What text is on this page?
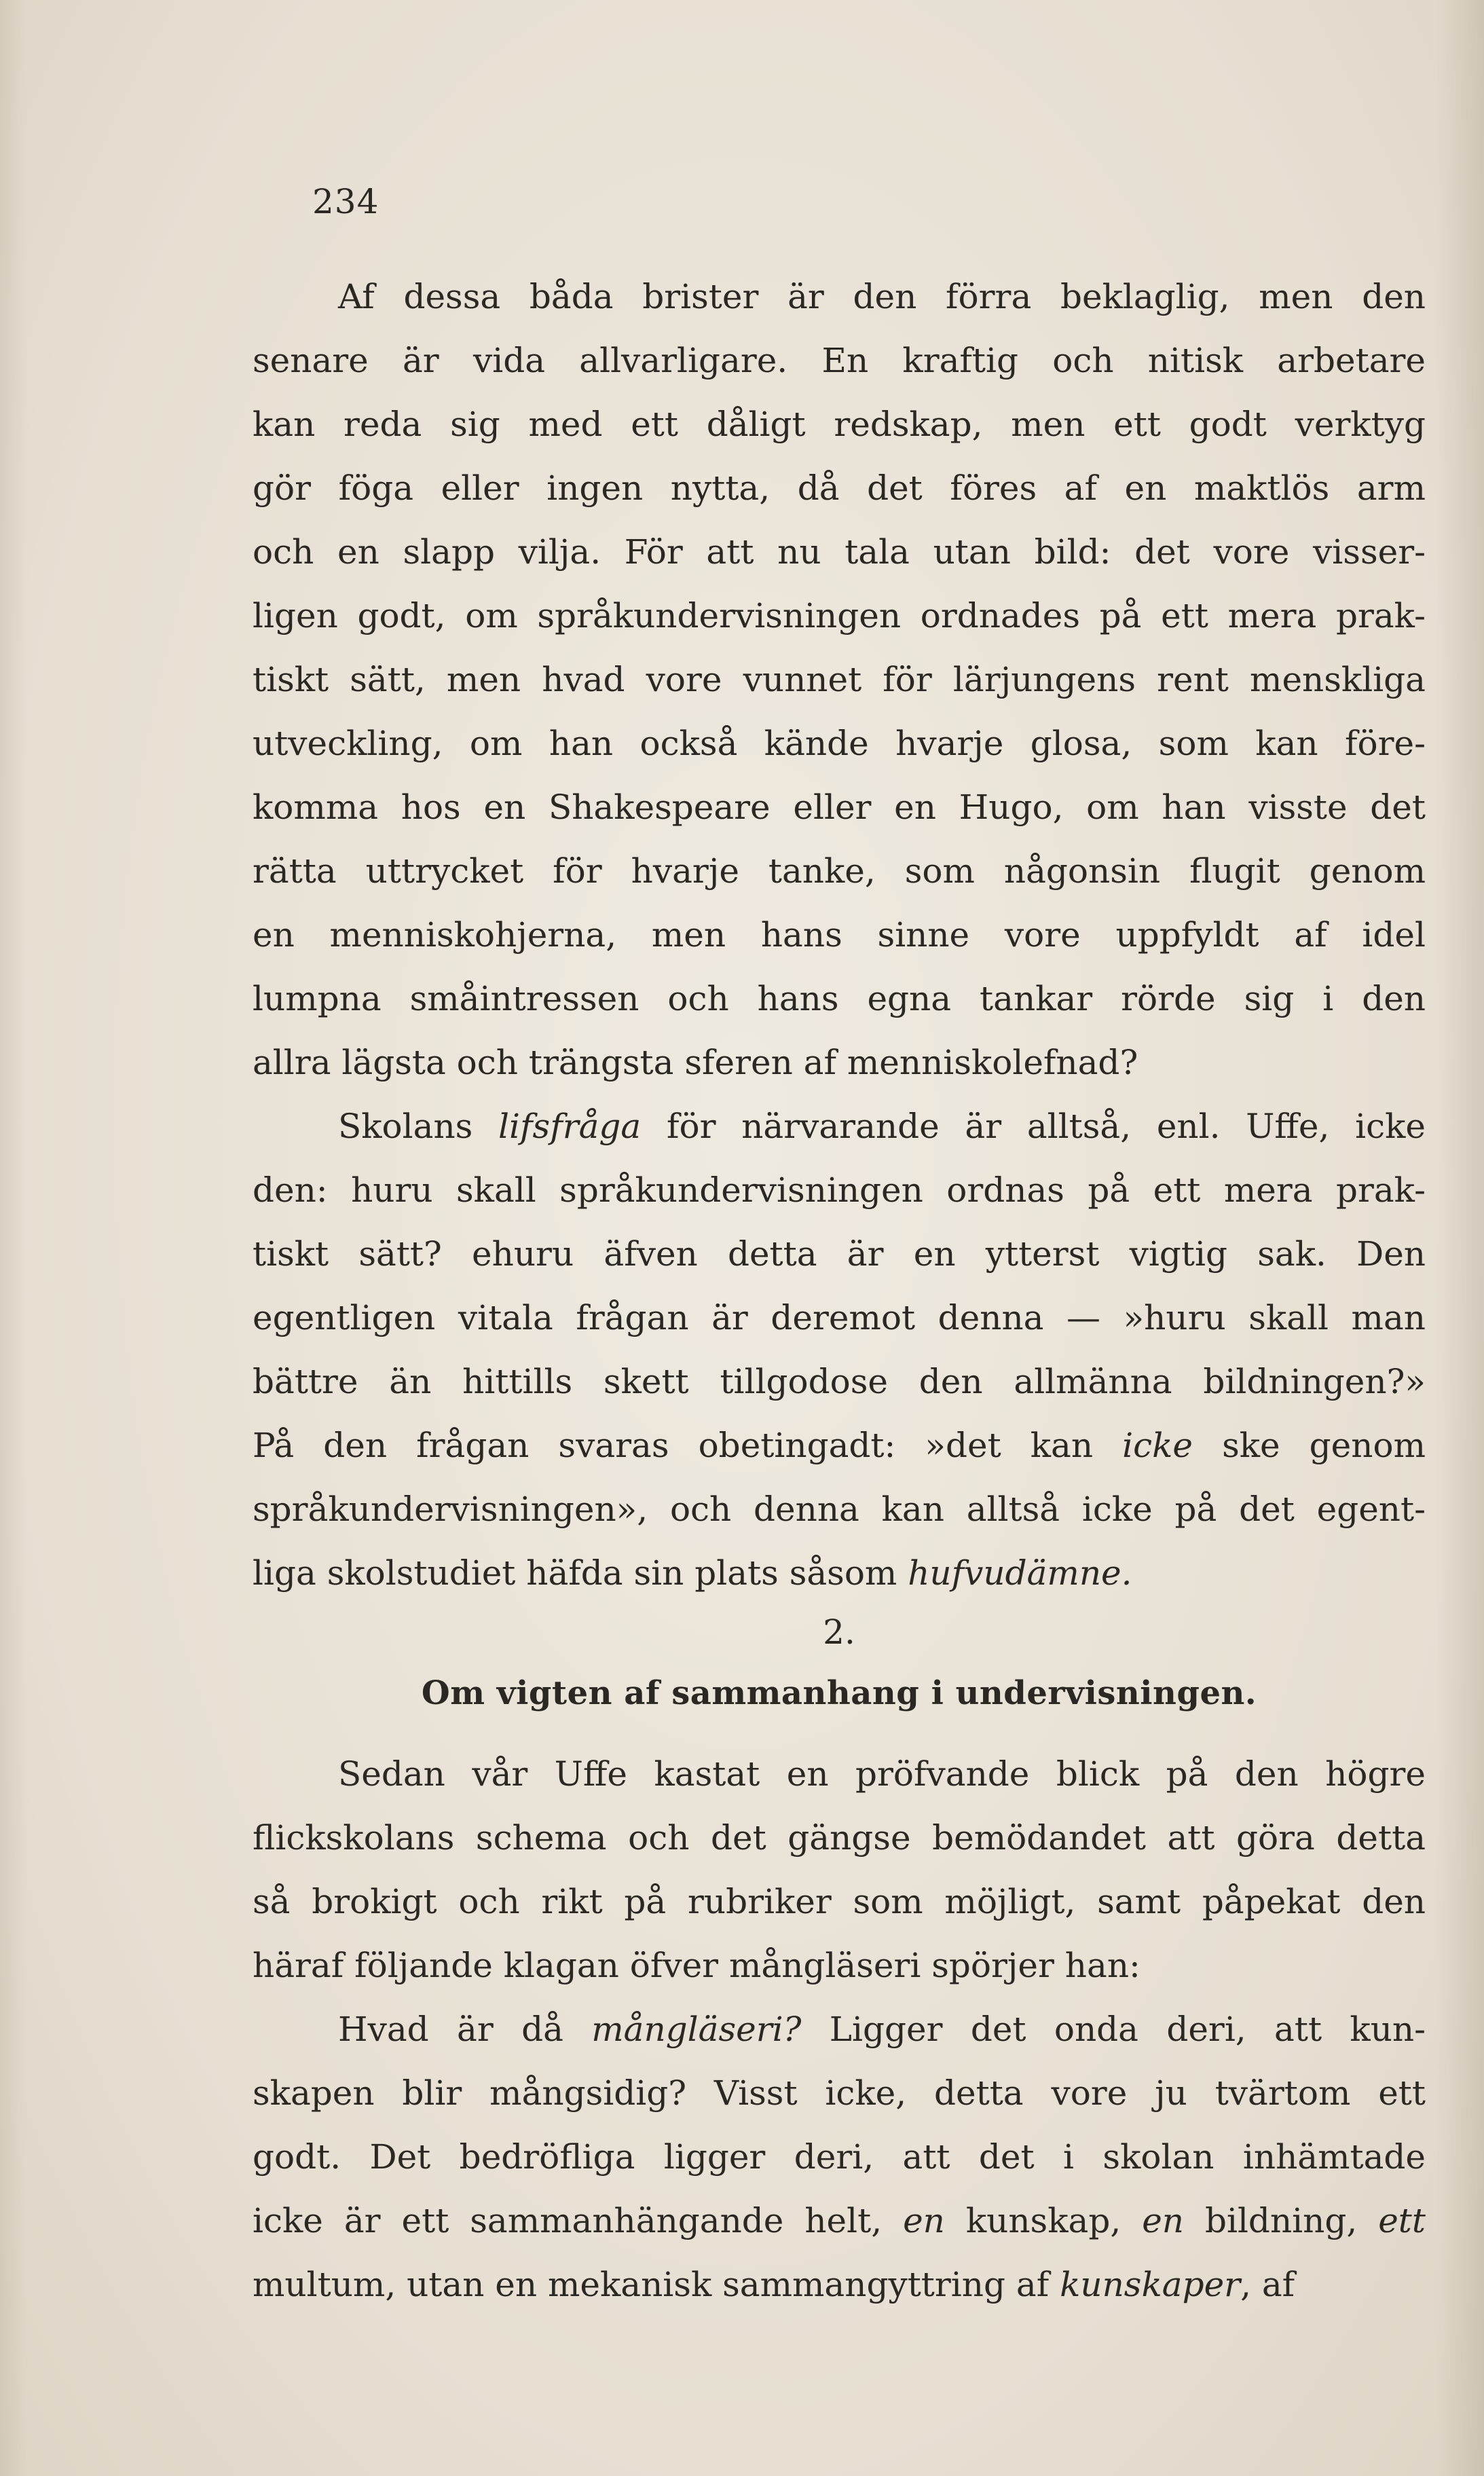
234
Af dessa båda brister är den förra beklaglig, men den
senare är vida allvarligare. En kraftig och nitisk arbetare
kan reda sig med ett dåligt redskap, men ett godt verktyg
gör föga eller ingen nytta, då det föres af en maktlös arm
och en slapp vilja. För att nu tala utan bild: det vore visser-
ligen godt, om språkundervisningen ordnades på ett mera prak-
tiskt sätt, men hvad vore vunnet för lärjungens rent menskliga
utveckling, om han också kände hvarje glosa, som kan före-
komma hos en Shakespeare eller en Hugo, om han visste det
rätta uttrycket för hvarje tanke, som någonsin flugit genom
en menniskohjerna, men hans sinne vore uppfyldt af idel
lumpna småintressen och hans egna tankar rörde sig i den
allra lägsta och trängsta sferen af menniskolefnad?
Skolans lifsfråga för närvarande är alltså, enl. Uffe, icke
den: huru skall språkundervisningen ordnas på ett mera prak-
tiskt sätt? ehuru äfven detta är en ytterst vigtig sak. Den
egentligen vitala frågan är deremot denna — »huru skall man
bättre än hittills skett tillgodose den allmänna bildningen?»
På den frågan svaras obetingadt: »det kan icke ske genom
språkundervisningen», och denna kan alltså icke på det egent-
liga skolstudiet häfda sin plats såsom hufvudämne.
2.
Om vigten af sammanhang i undervisningen.
Sedan vår Uffe kastat en pröfvande blick på den högre
flickskolans schema och det gängse bemödandet att göra detta
så brokigt och rikt på rubriker som möjligt, samt påpekat den
häraf följande klagan öfver mångläseri spörjer han:
Hvad är då mångläseri? Ligger det onda deri, att kun-
skapen blir mångsidig? Visst icke, detta vore ju tvärtom ett
godt. Det bedröfliga ligger deri, att det i skolan inhämtade
icke är ett sammanhängande helt, en kunskap, en bildning, ett
multum, utan en mekanisk sammangyttring af kunskaper, af
